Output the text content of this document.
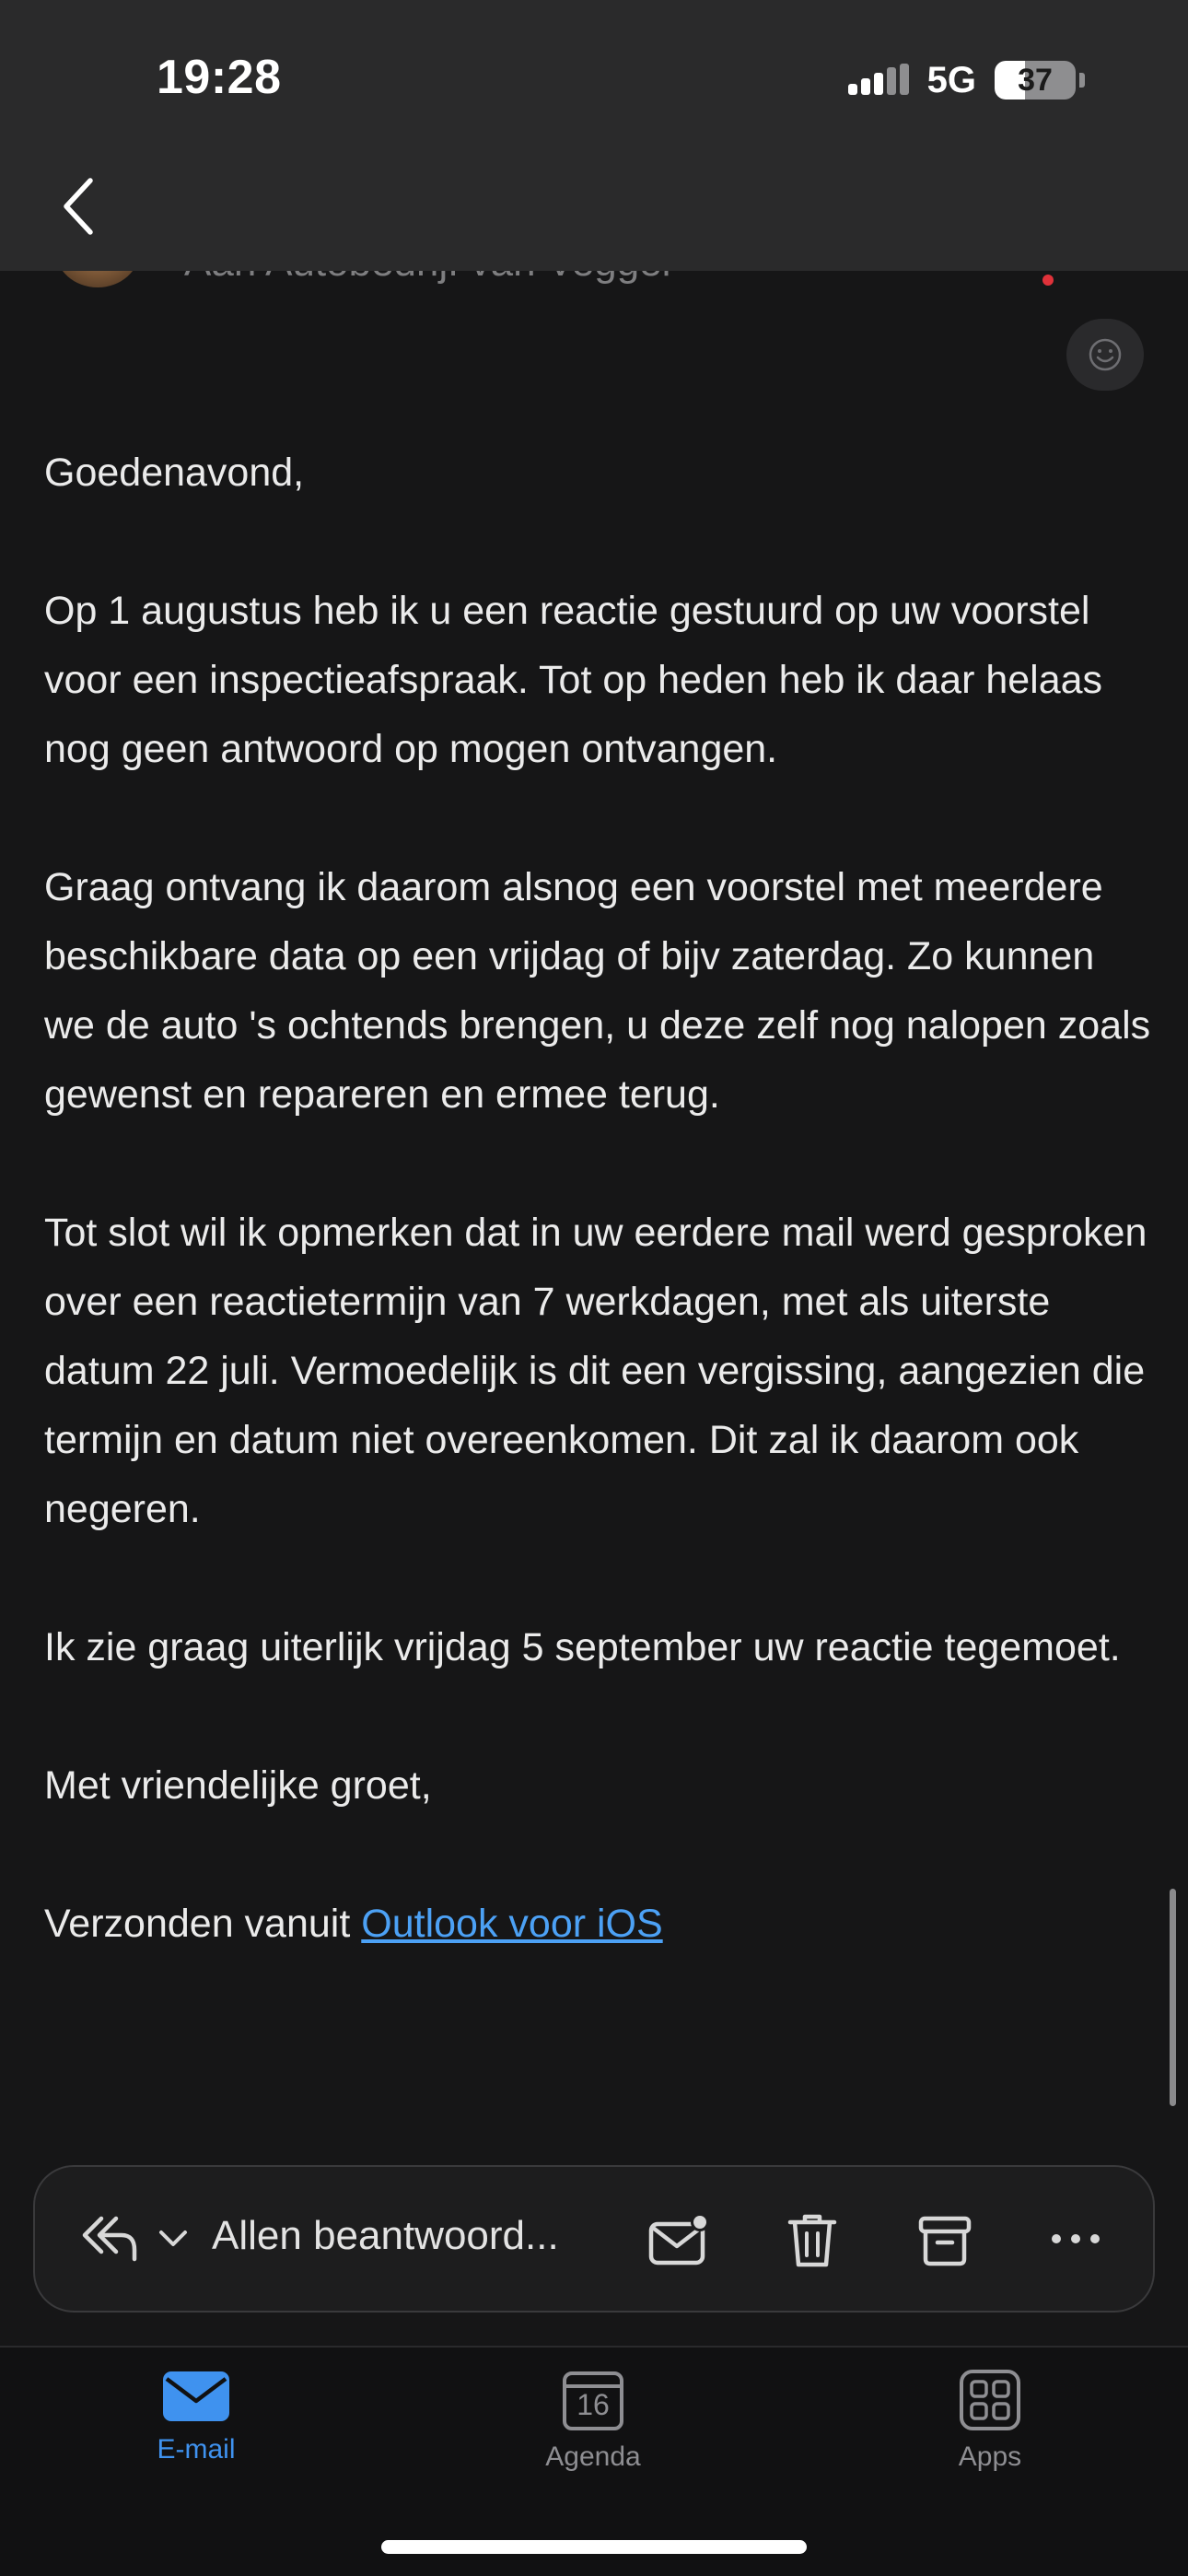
Goedenavond,

Op 1 augustus heb ik u een reactie gestuurd op uw voorstel voor een inspectieafspraak. Tot op heden heb ik daar helaas nog geen antwoord op mogen ontvangen.

Graag ontvang ik daarom alsnog een voorstel met meerdere beschikbare data op een vrijdag of bijv zaterdag. Zo kunnen we de auto 's ochtends brengen, u deze zelf nog nalopen zoals gewenst en repareren en ermee terug.

Tot slot wil ik opmerken dat in uw eerdere mail werd gesproken over een reactietermijn van 7 werkdagen, met als uiterste datum 22 juli. Vermoedelijk is dit een vergissing, aangezien die termijn en datum niet overeenkomen. Dit zal ik daarom ook negeren.

Ik zie graag uiterlijk vrijdag 5 september uw reactie tegemoet.

Met vriendelijke groet,

Verzonden vanuit Outlook voor iOS

19:28	5G	37
Allen beantwoord...
E-mail
16
Agenda	Apps
